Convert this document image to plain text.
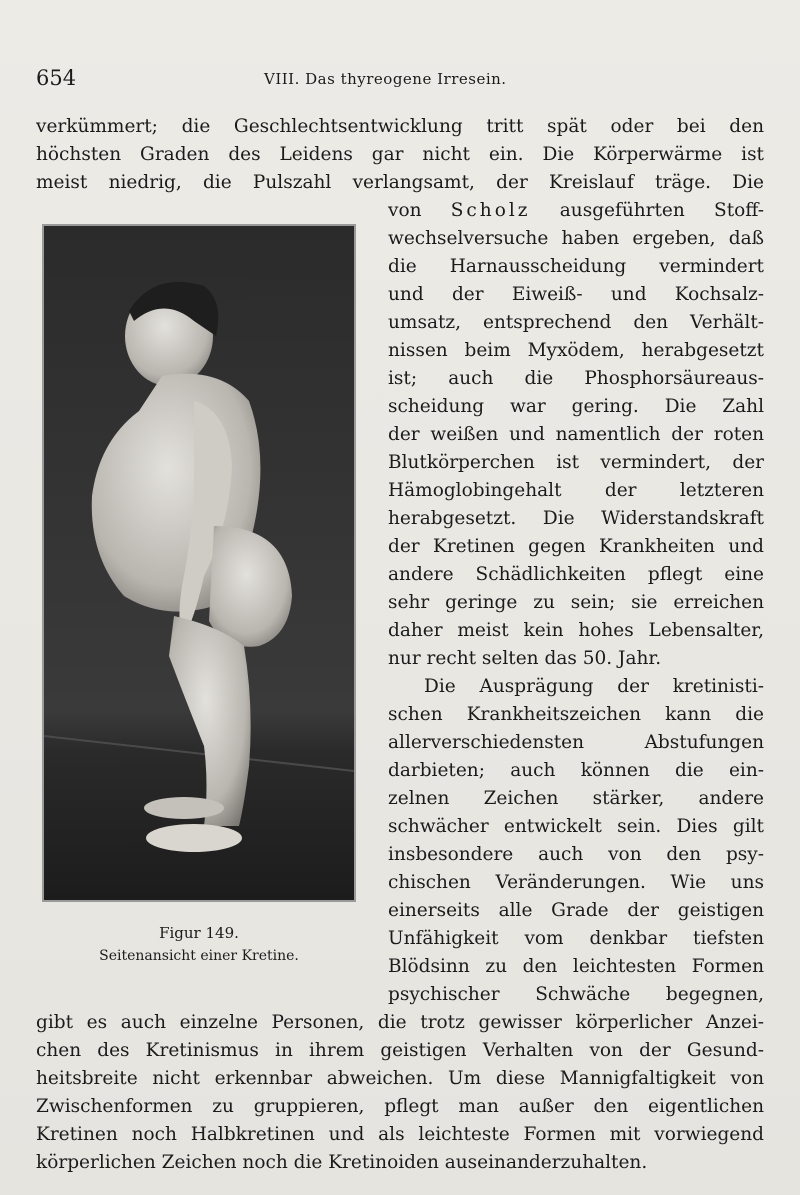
654	VIII. Das thyreogene Irresein.
verkümmert; die Geschlechtsentwicklung tritt spät oder bei den
höchsten Graden des Leidens gar nicht ein. Die Körperwärme ist
meist niedrig, die Pulszahl verlangsamt, der Kreislauf träge. Die
von Scholz ausgeführten Stoff-
wechselversuche haben ergeben, daß
die Harnausscheidung vermindert
und der Eiweiß- und Kochsalz-
umsatz, entsprechend den Verhält-
nissen beim Myxödem, herabgesetzt
ist; auch die Phosphorsäureaus-
scheidung war gering. Die Zahl
der weißen und namentlich der roten
Blutkörperchen ist vermindert, der
Hämoglobingehalt der letzteren
herabgesetzt. Die Widerstandskraft
der Kretinen gegen Krankheiten und
andere Schädlichkeiten pflegt eine
sehr geringe zu sein; sie erreichen
daher meist kein hohes Lebensalter,
nur recht selten das 50. Jahr.
Die Ausprägung der kretinisti-
schen Krankheitszeichen kann die
allerverschiedensten Abstufungen
darbieten; auch können die ein-
zelnen Zeichen stärker, andere
schwächer entwickelt sein. Dies gilt
insbesondere auch von den psy-
chischen Veränderungen. Wie uns
einerseits alle Grade der geistigen
Unfähigkeit vom denkbar tiefsten
Blödsinn zu den leichtesten Formen
psychischer Schwäche begegnen,
gibt es auch einzelne Personen, die trotz gewisser körperlicher Anzei-
chen des Kretinismus in ihrem geistigen Verhalten von der Gesund-
heitsbreite nicht erkennbar abweichen. Um diese Mannigfaltigkeit von
Zwischenformen zu gruppieren, pflegt man außer den eigentlichen
Kretinen noch Halbkretinen und als leichteste Formen mit vorwiegend
körperlichen Zeichen noch die Kretinoiden auseinanderzuhalten.
Figur 149.
Seitenansicht einer Kretine.
